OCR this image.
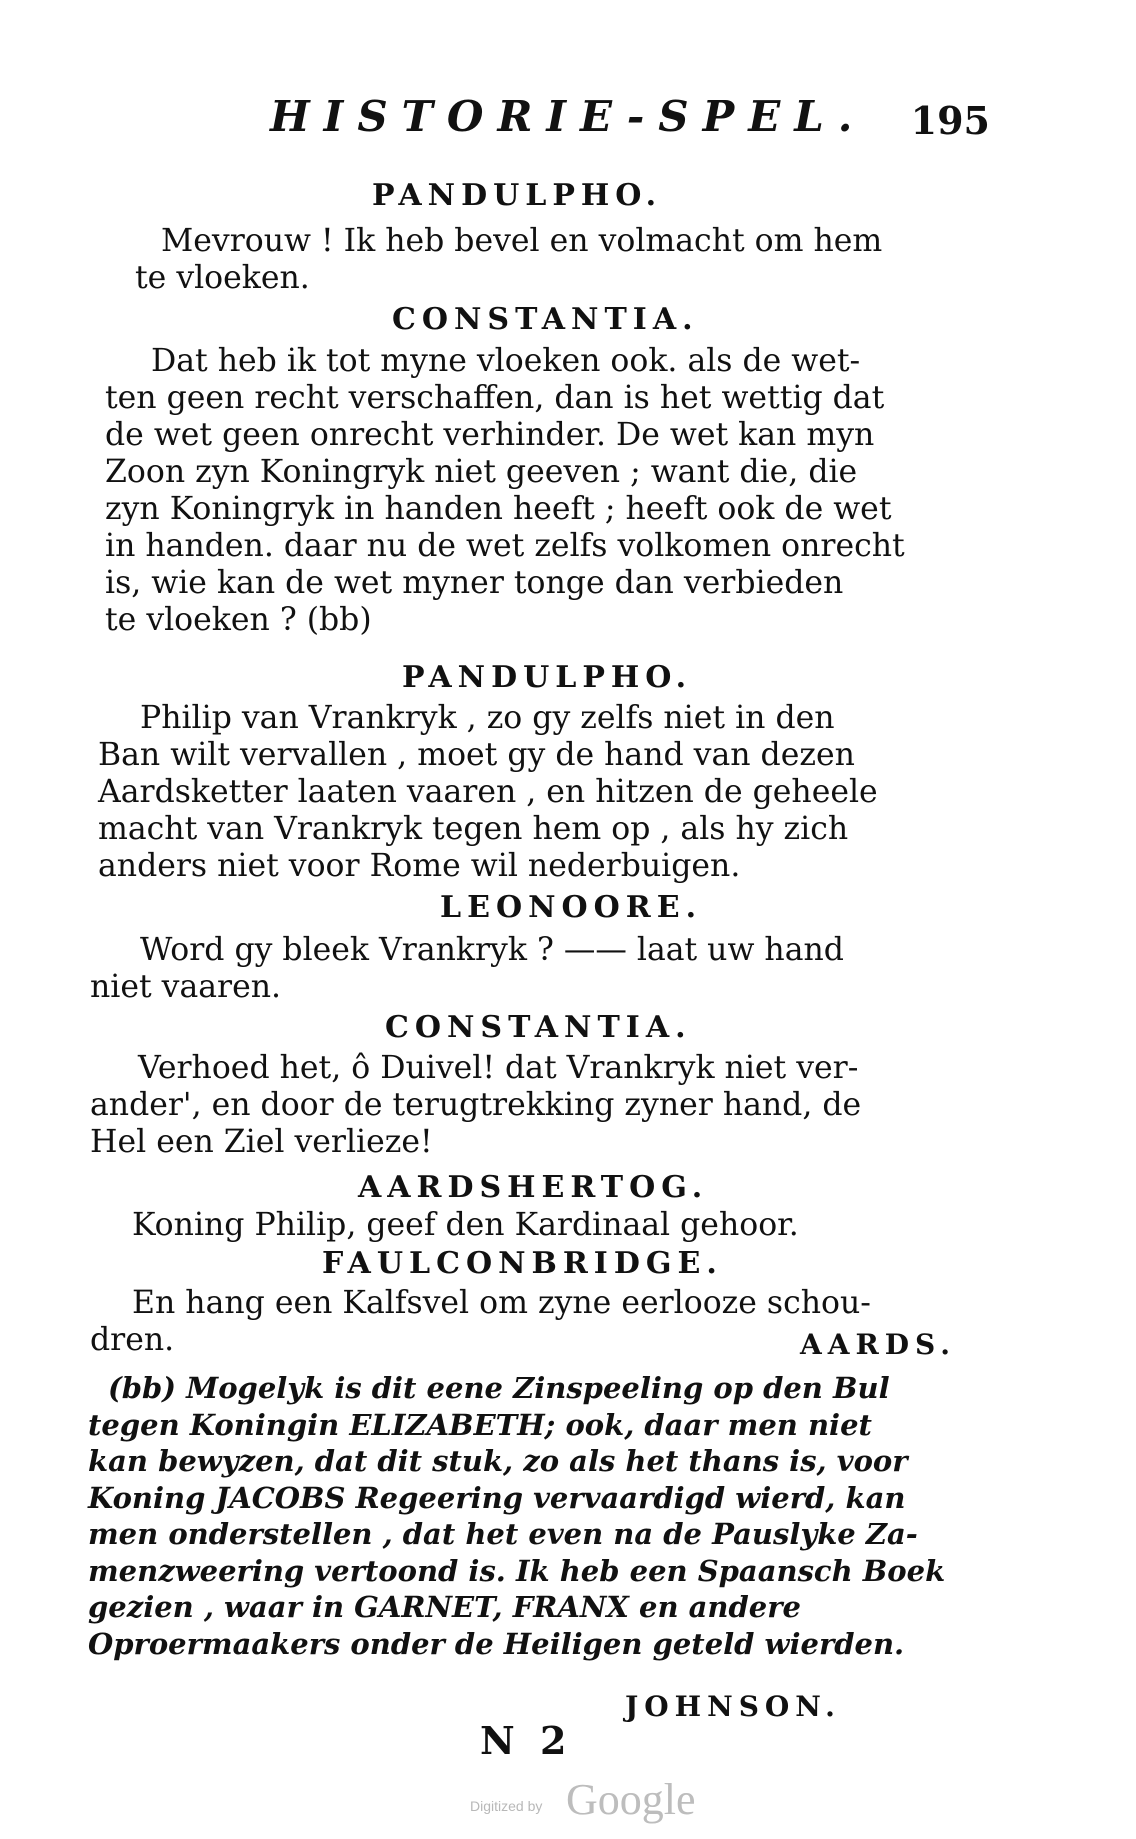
HISTORIE-SPEL. 195
PANDULPHO.
Mevrouw ! Ik heb bevel en volmacht om hem
te vloeken.
CONSTANTIA.
Dat heb ik tot myne vloeken ook. als de wet-
ten geen recht verschaffen, dan is het wettig dat
de wet geen onrecht verhinder. De wet kan myn
Zoon zyn Koningryk niet geeven ; want die, die
zyn Koningryk in handen heeft ; heeft ook de wet
in handen. daar nu de wet zelfs volkomen onrecht
is, wie kan de wet myner tonge dan verbieden
te vloeken ? (bb)
PANDULPHO.
Philip van Vrankryk , zo gy zelfs niet in den
Ban wilt vervallen , moet gy de hand van dezen
Aardsketter laaten vaaren , en hitzen de geheele
macht van Vrankryk tegen hem op , als hy zich
anders niet voor Rome wil nederbuigen.
LEONOORE.
Word gy bleek Vrankryk ? —— laat uw hand
niet vaaren.
CONSTANTIA.
Verhoed het, ô Duivel! dat Vrankryk niet ver-
ander', en door de terugtrekking zyner hand, de
Hel een Ziel verlieze!
AARDSHERTOG.
Koning Philip, geef den Kardinaal gehoor.
FAULCONBRIDGE.
En hang een Kalfsvel om zyne eerlooze schou-
dren.	AARDS.
(bb) Mogelyk is dit eene Zinspeeling op den Bul
tegen Koningin ELIZABETH; ook, daar men niet
kan bewyzen, dat dit stuk, zo als het thans is, voor
Koning JACOBS Regeering vervaardigd wierd, kan
men onderstellen , dat het even na de Pauslyke Za-
menzweering vertoond is. Ik heb een Spaansch Boek
gezien , waar in GARNET, FRANX en andere
Oproermaakers onder de Heiligen geteld wierden.
JOHNSON.
N 2
Digitized by Google
